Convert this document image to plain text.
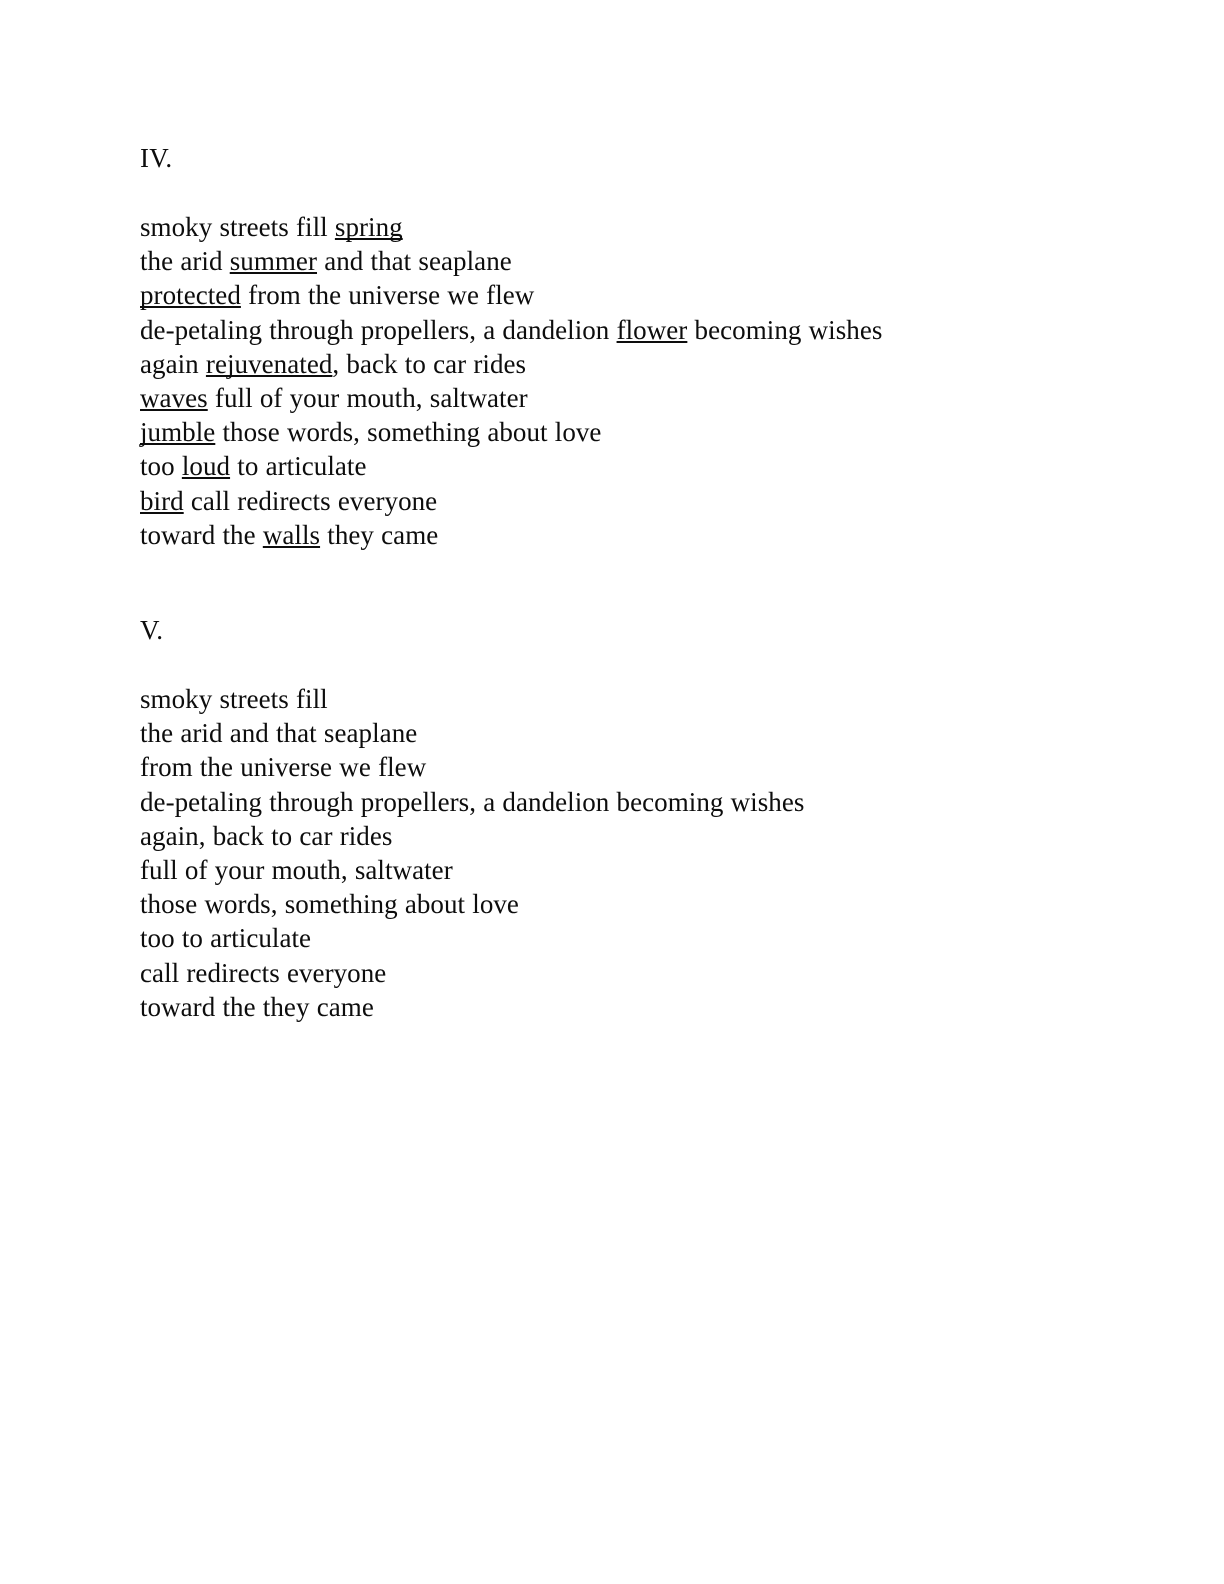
IV.
smoky streets fill spring
the arid summer and that seaplane
protected from the universe we flew
de-petaling through propellers, a dandelion flower becoming wishes
again rejuvenated, back to car rides
waves full of your mouth, saltwater
jumble those words, something about love
too loud to articulate
bird call redirects everyone
toward the walls they came
V.
smoky streets fill
the arid and that seaplane
from the universe we flew
de-petaling through propellers, a dandelion becoming wishes
again, back to car rides
full of your mouth, saltwater
those words, something about love
too to articulate
call redirects everyone
toward the they came
